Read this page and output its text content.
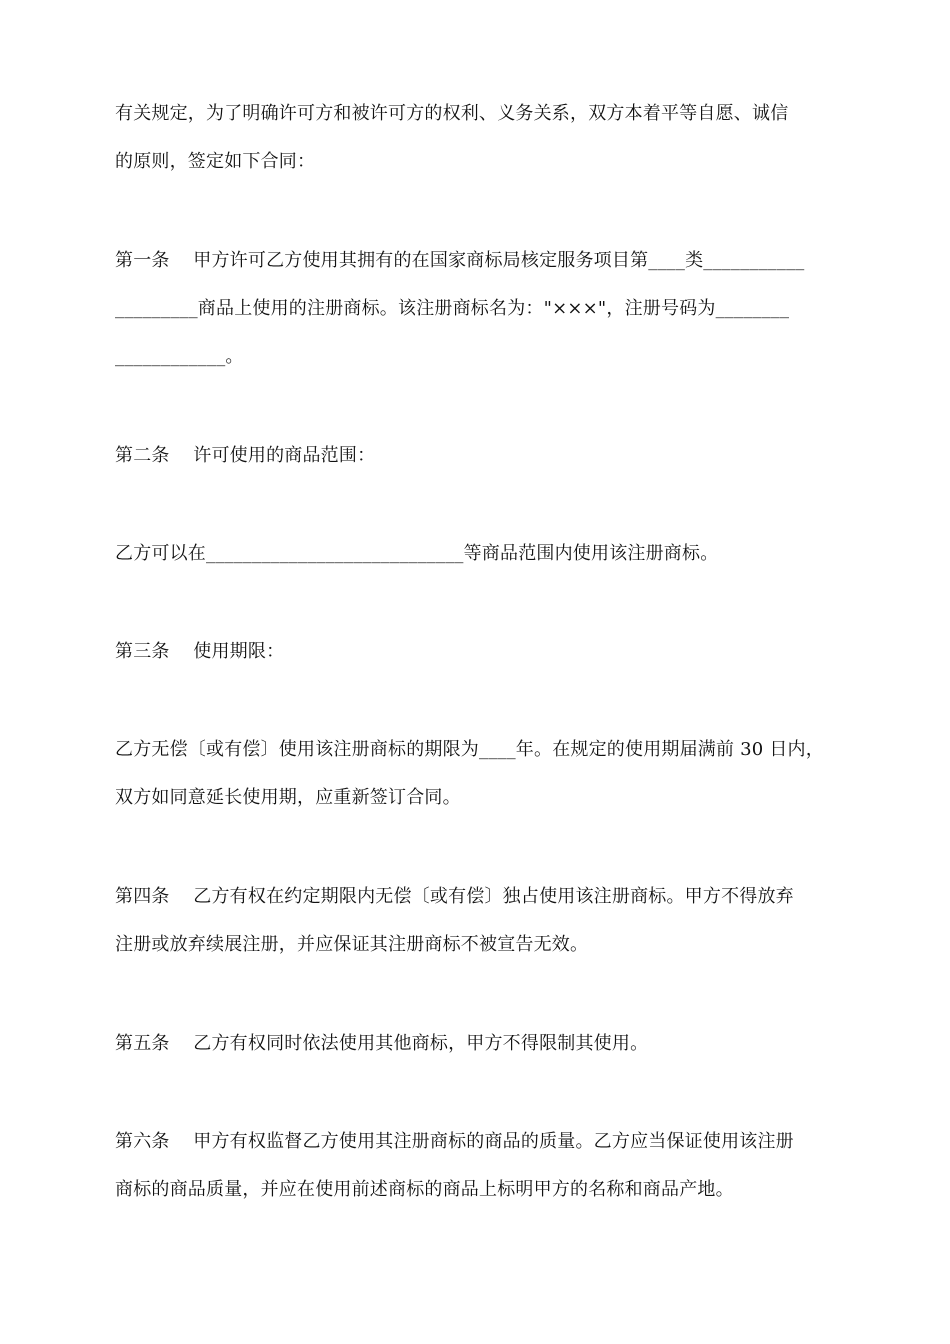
有关规定，为了明确许可方和被许可方的权利、义务关系，双方本着平等自愿、诚信
的原则，签定如下合同：
第一条    甲方许可乙方使用其拥有的在国家商标局核定服务项目第____类___________
_________商品上使用的注册商标。该注册商标名为："×××"，注册号码为________
____________。
第二条    许可使用的商品范围：
乙方可以在____________________________等商品范围内使用该注册商标。
第三条    使用期限：
乙方无偿〔或有偿〕使用该注册商标的期限为____年。在规定的使用期届满前 30 日内，
双方如同意延长使用期，应重新签订合同。
第四条    乙方有权在约定期限内无偿〔或有偿〕独占使用该注册商标。甲方不得放弃
注册或放弃续展注册，并应保证其注册商标不被宣告无效。
第五条    乙方有权同时依法使用其他商标，甲方不得限制其使用。
第六条    甲方有权监督乙方使用其注册商标的商品的质量。乙方应当保证使用该注册
商标的商品质量，并应在使用前述商标的商品上标明甲方的名称和商品产地。
